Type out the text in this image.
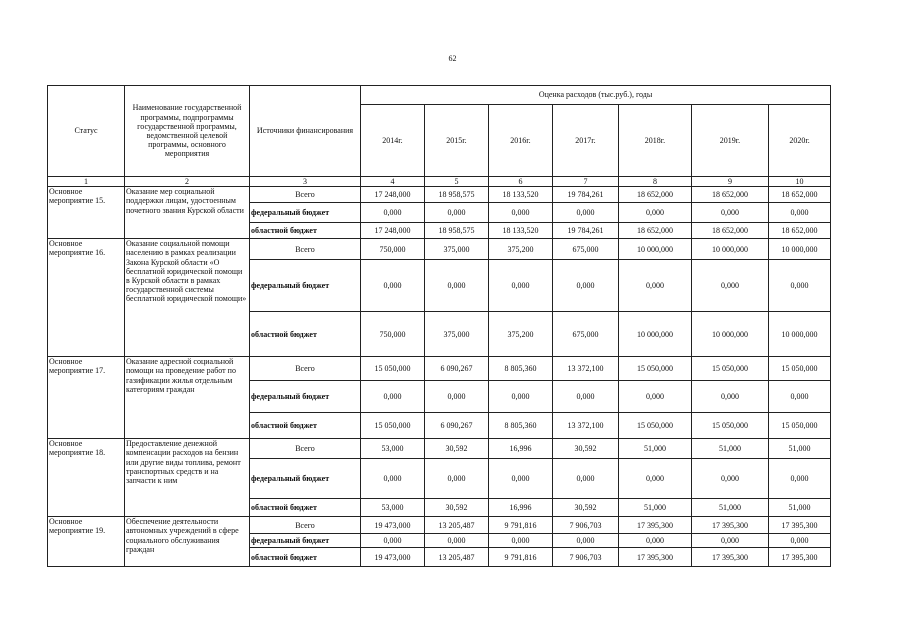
62
Статус	Наименование государственной программы, подпрограммы государственной программы, ведомственной целевой программы, основного мероприятия	Источники финансирования	Оценка расходов (тыс.руб.), годы						
			2014г.	2015г.	2016г.	2017г.	2018г.	2019г.	2020г.
1	2	3	4	5	6	7	8	9	10
Основное мероприятие 15.	Оказание мер социальной поддержки лицам, удостоенным почетного звания Курской области	Всего	17 248,000	18 958,575	18 133,520	19 784,261	18 652,000	18 652,000	18 652,000
		федеральный бюджет	0,000	0,000	0,000	0,000	0,000	0,000	0,000
		областной бюджет	17 248,000	18 958,575	18 133,520	19 784,261	18 652,000	18 652,000	18 652,000
Основное мероприятие 16.	Оказание социальной помощи населению в рамках реализации Закона Курской области «О бесплатной юридической помощи в Курской области в рамках государственной системы бесплатной юридической помощи»	Всего	750,000	375,000	375,200	675,000	10 000,000	10 000,000	10 000,000
		федеральный бюджет	0,000	0,000	0,000	0,000	0,000	0,000	0,000
		областной бюджет	750,000	375,000	375,200	675,000	10 000,000	10 000,000	10 000,000
Основное мероприятие 17.	Оказание адресной социальной помощи на проведение работ по газификации жилья отдельным категориям граждан	Всего	15 050,000	6 090,267	8 805,360	13 372,100	15 050,000	15 050,000	15 050,000
		федеральный бюджет	0,000	0,000	0,000	0,000	0,000	0,000	0,000
		областной бюджет	15 050,000	6 090,267	8 805,360	13 372,100	15 050,000	15 050,000	15 050,000
Основное мероприятие 18.	Предоставление денежной компенсации расходов на бензин или другие виды топлива, ремонт транспортных средств и на запчасти к ним	Всего	53,000	30,592	16,996	30,592	51,000	51,000	51,000
		федеральный бюджет	0,000	0,000	0,000	0,000	0,000	0,000	0,000
		областной бюджет	53,000	30,592	16,996	30,592	51,000	51,000	51,000
Основное мероприятие 19.	Обеспечение деятельности автономных учреждений в сфере социального обслуживания граждан	Всего	19 473,000	13 205,487	9 791,816	7 906,703	17 395,300	17 395,300	17 395,300
		федеральный бюджет	0,000	0,000	0,000	0,000	0,000	0,000	0,000
		областной бюджет	19 473,000	13 205,487	9 791,816	7 906,703	17 395,300	17 395,300	17 395,300
